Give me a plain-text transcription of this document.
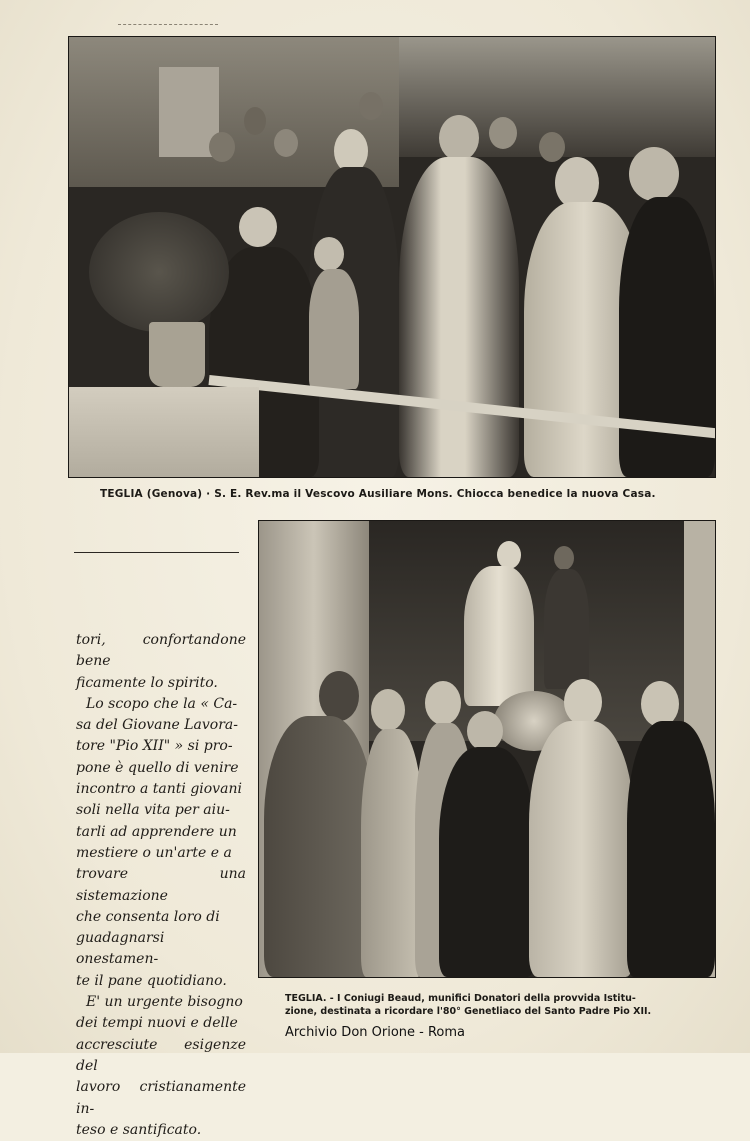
TEGLIA (Genova) · S. E. Rev.ma il Vescovo Ausiliare Mons. Chiocca benedice la nuova Casa.

tori, confortandone bene

ficamente lo spirito.

Lo scopo che la « Ca-

sa del Giovane Lavora-

tore "Pio XII" » si pro-

pone è quello di venire

incontro a tanti giovani

soli nella vita per aiu-

tarli ad apprendere un

mestiere o un'arte e a

trovare una sistemazione

che consenta loro di

guadagnarsi onestamen-

te il pane quotidiano.

E' un urgente bisogno

dei tempi nuovi e delle

accresciute esigenze del

lavoro cristianamente in-

teso e santificato.

TEGLIA. - I Coniugi Beaud, munifici Donatori della provvida Istitu-
zione, destinata a ricordare l'80° Genetliaco del Santo Padre Pio XII.
Archivio Don Orione - Roma
